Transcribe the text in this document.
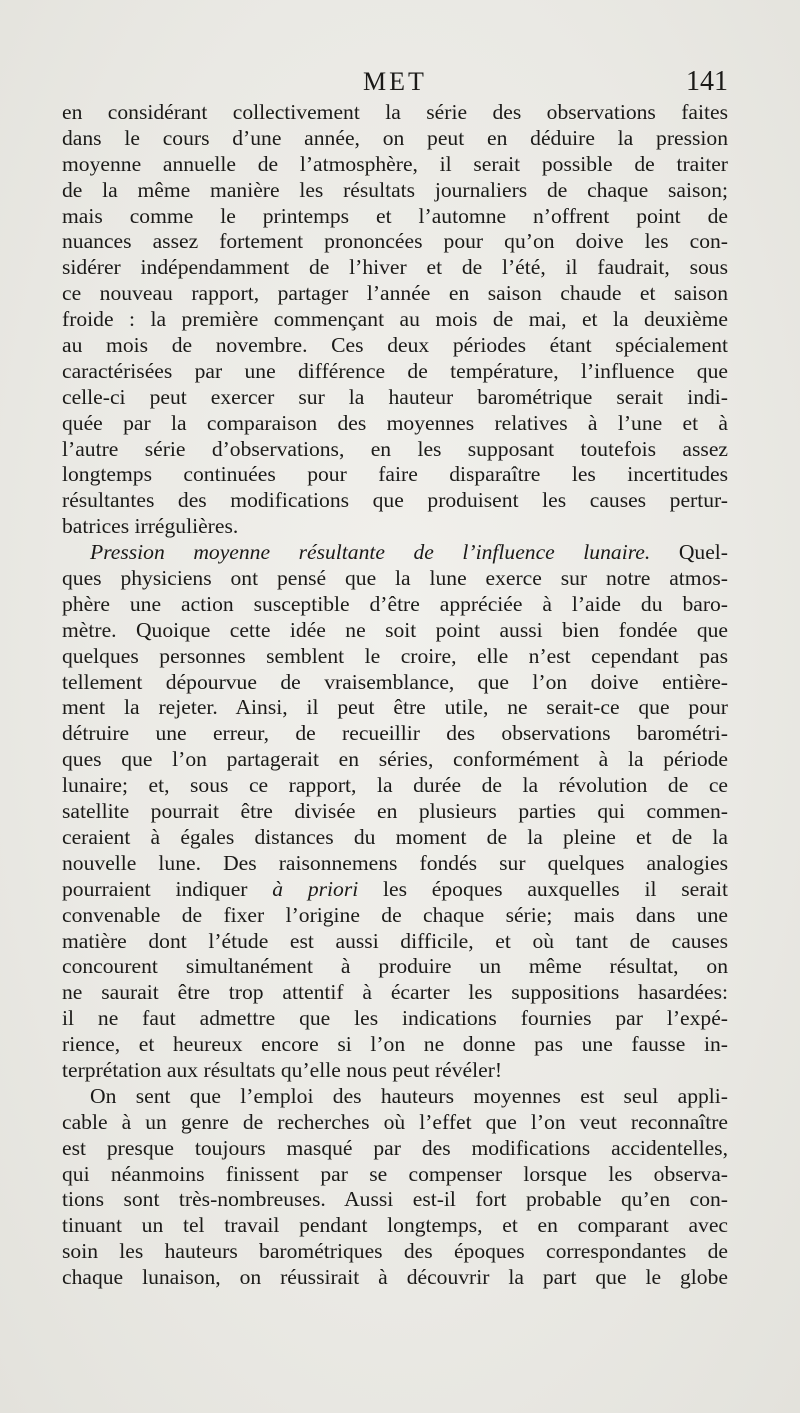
MET	141
en considérant collectivement la série des observations faites
dans le cours d’une année, on peut en déduire la pression
moyenne annuelle de l’atmosphère, il serait possible de traiter
de la même manière les résultats journaliers de chaque saison;
mais comme le printemps et l’automne n’offrent point de
nuances assez fortement prononcées pour qu’on doive les con-
sidérer indépendamment de l’hiver et de l’été, il faudrait, sous
ce nouveau rapport, partager l’année en saison chaude et saison
froide : la première commençant au mois de mai, et la deuxième
au mois de novembre. Ces deux périodes étant spécialement
caractérisées par une différence de température, l’influence que
celle-ci peut exercer sur la hauteur barométrique serait indi-
quée par la comparaison des moyennes relatives à l’une et à
l’autre série d’observations, en les supposant toutefois assez
longtemps continuées pour faire disparaître les incertitudes
résultantes des modifications que produisent les causes pertur-
batrices irrégulières.
Pression moyenne résultante de l’influence lunaire. Quel-
ques physiciens ont pensé que la lune exerce sur notre atmos-
phère une action susceptible d’être appréciée à l’aide du baro-
mètre. Quoique cette idée ne soit point aussi bien fondée que
quelques personnes semblent le croire, elle n’est cependant pas
tellement dépourvue de vraisemblance, que l’on doive entière-
ment la rejeter. Ainsi, il peut être utile, ne serait-ce que pour
détruire une erreur, de recueillir des observations barométri-
ques que l’on partagerait en séries, conformément à la période
lunaire; et, sous ce rapport, la durée de la révolution de ce
satellite pourrait être divisée en plusieurs parties qui commen-
ceraient à égales distances du moment de la pleine et de la
nouvelle lune. Des raisonnemens fondés sur quelques analogies
pourraient indiquer à priori les époques auxquelles il serait
convenable de fixer l’origine de chaque série; mais dans une
matière dont l’étude est aussi difficile, et où tant de causes
concourent simultanément à produire un même résultat, on
ne saurait être trop attentif à écarter les suppositions hasardées:
il ne faut admettre que les indications fournies par l’expé-
rience, et heureux encore si l’on ne donne pas une fausse in-
terprétation aux résultats qu’elle nous peut révéler!
On sent que l’emploi des hauteurs moyennes est seul appli-
cable à un genre de recherches où l’effet que l’on veut reconnaître
est presque toujours masqué par des modifications accidentelles,
qui néanmoins finissent par se compenser lorsque les observa-
tions sont très-nombreuses. Aussi est-il fort probable qu’en con-
tinuant un tel travail pendant longtemps, et en comparant avec
soin les hauteurs barométriques des époques correspondantes de
chaque lunaison, on réussirait à découvrir la part que le globe
